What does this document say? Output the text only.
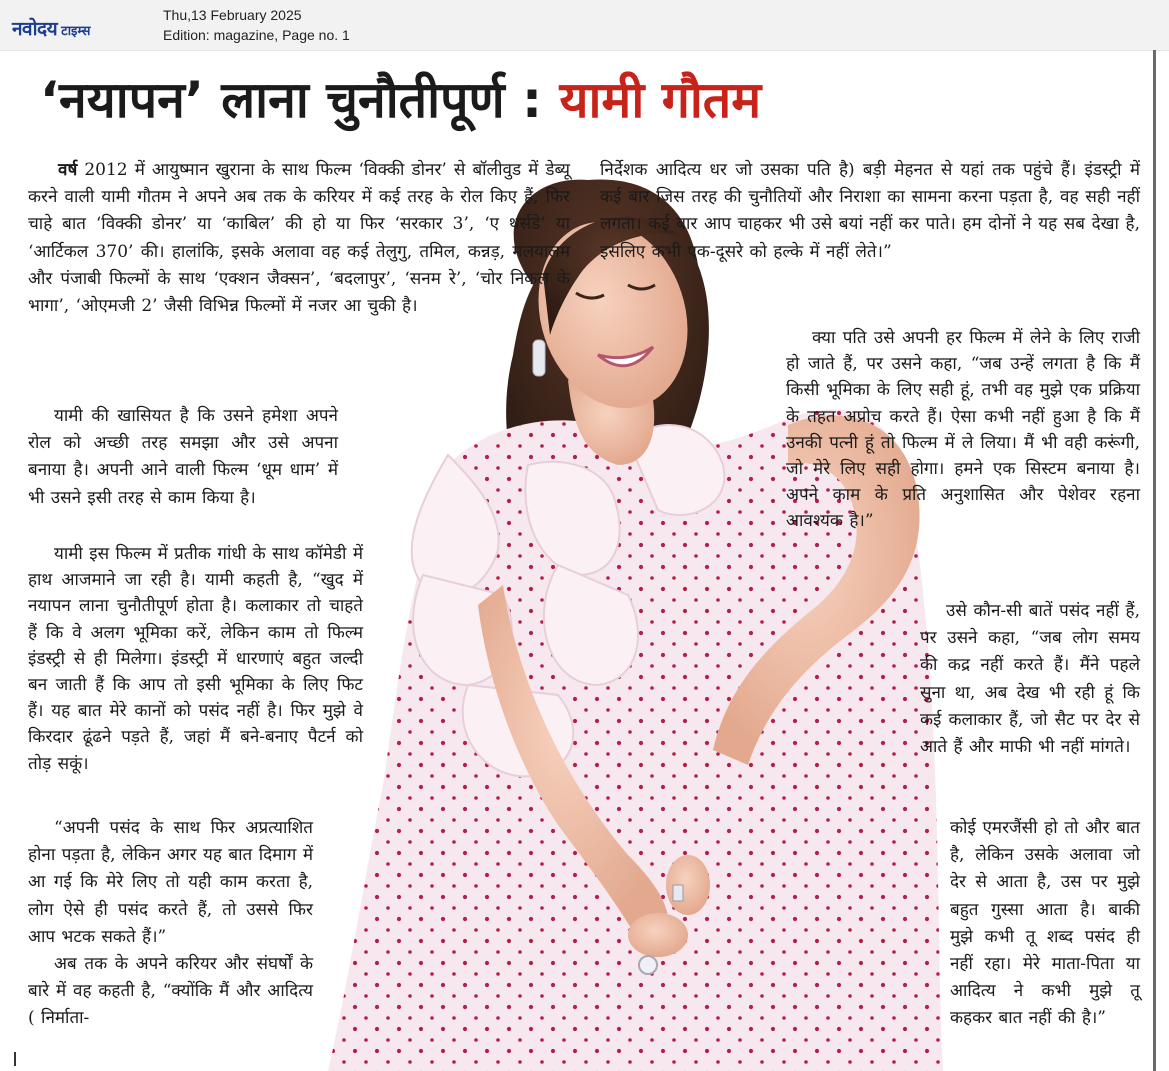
नवोदय टाइम्स
Thu,13 February 2025
Edition: magazine, Page no. 1
‘नयापन’ लाना चुनौतीपूर्ण : यामी गौतम

वर्ष 2012 में आयुष्मान खुराना के साथ फिल्म ‘विक्की डोनर’ से बॉलीवुड में डेब्यू करने वाली यामी गौतम ने अपने अब तक के करियर में कई तरह के रोल किए हैं, फिर चाहे बात ‘विक्की डोनर’ या ‘काबिल’ की हो या फिर ‘सरकार 3’, ‘ए थर्सडे’ या ‘आर्टिकल 370’ की। हालांकि, इसके अलावा वह कई तेलुगु, तमिल, कन्नड़, मलयालम और पंजाबी फिल्मों के साथ ‘एक्शन जैक्सन’, ‘बदलापुर’, ‘सनम रे’, ‘चोर निकल के भागा’, ‘ओएमजी 2’ जैसी विभिन्न फिल्मों में नजर आ चुकी है।

यामी की खासियत है कि उसने हमेशा अपने रोल को अच्छी तरह समझा और उसे अपना बनाया है। अपनी आने वाली फिल्म ‘धूम धाम’ में भी उसने इसी तरह से काम किया है।

यामी इस फिल्म में प्रतीक गांधी के साथ कॉमेडी में हाथ आजमाने जा रही है। यामी कहती है, “खुद में नयापन लाना चुनौतीपूर्ण होता है। कलाकार तो चाहते हैं कि वे अलग भूमिका करें, लेकिन काम तो फिल्म इंडस्ट्री से ही मिलेगा। इंडस्ट्री में धारणाएं बहुत जल्दी बन जाती हैं कि आप तो इसी भूमिका के लिए फिट हैं। यह बात मेरे कानों को पसंद नहीं है। फिर मुझे वे किरदार ढूंढने पड़ते हैं, जहां मैं बने-बनाए पैटर्न को तोड़ सकूं।

“अपनी पसंद के साथ फिर अप्रत्याशित होना पड़ता है, लेकिन अगर यह बात दिमाग में आ गई कि मेरे लिए तो यही काम करता है, लोग ऐसे ही पसंद करते हैं, तो उससे फिर आप भटक सकते हैं।”

अब तक के अपने करियर और संघर्षों के बारे में वह कहती है, “क्योंकि मैं और आदित्य ( निर्माता-

निर्देशक आदित्य धर जो उसका पति है) बड़ी मेहनत से यहां तक पहुंचे हैं। इंडस्ट्री में कई बार जिस तरह की चुनौतियों और निराशा का सामना करना पड़ता है, वह सही नहीं लगता। कई बार आप चाहकर भी उसे बयां नहीं कर पाते। हम दोनों ने यह सब देखा है, इसलिए कभी एक-दूसरे को हल्के में नहीं लेते।”

क्या पति उसे अपनी हर फिल्म में लेने के लिए राजी हो जाते हैं, पर उसने कहा, “जब उन्हें लगता है कि मैं किसी भूमिका के लिए सही हूं, तभी वह मुझे एक प्रक्रिया के तहत अप्रोच करते हैं। ऐसा कभी नहीं हुआ है कि मैं उनकी पत्नी हूं तो फिल्म में ले लिया। मैं भी वही करूंगी, जो मेरे लिए सही होगा। हमने एक सिस्टम बनाया है। अपने काम के प्रति अनुशासित और पेशेवर रहना आवश्यक है।”

उसे कौन-सी बातें पसंद नहीं हैं, पर उसने कहा, “जब लोग समय की कद्र नहीं करते हैं। मैंने पहले सुना था, अब देख भी रही हूं कि कई कलाकार हैं, जो सैट पर देर से आते हैं और माफी भी नहीं मांगते।

कोई एमरजैंसी हो तो और बात है, लेकिन उसके अलावा जो देर से आता है, उस पर मुझे बहुत गुस्सा आता है। बाकी मुझे कभी तू शब्द पसंद ही नहीं रहा। मेरे माता-पिता या आदित्य ने कभी मुझे तू कहकर बात नहीं की है।”
